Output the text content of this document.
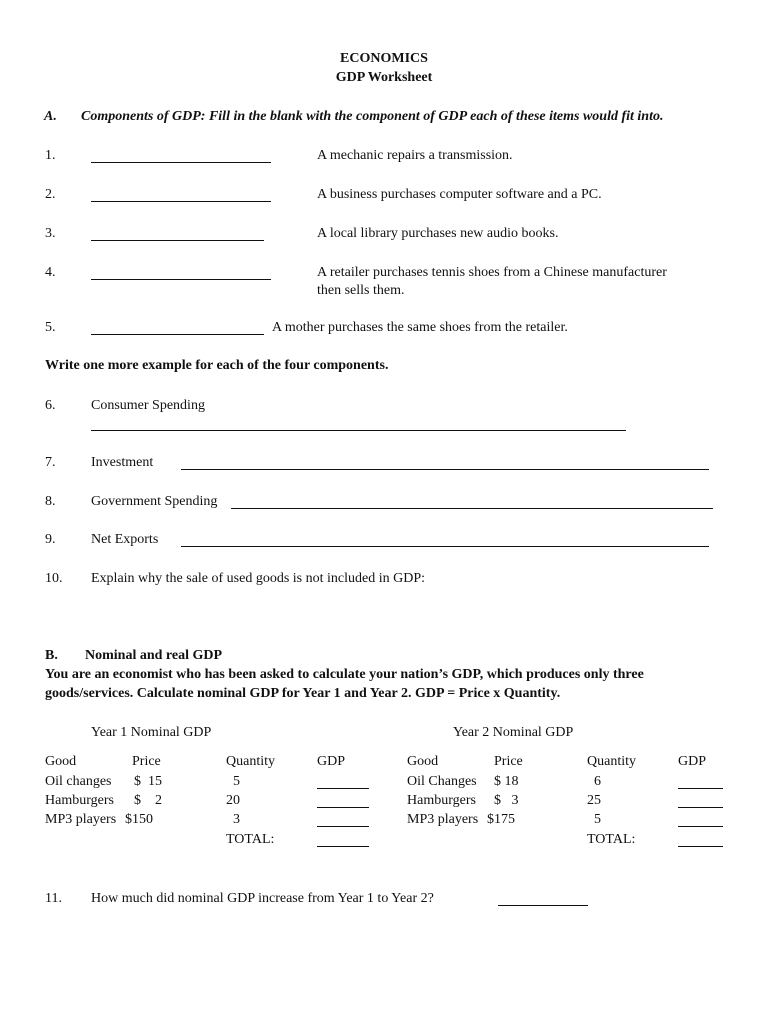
ECONOMICS
GDP Worksheet
A. Components of GDP: Fill in the blank with the component of GDP each of these items would fit into.
1.	A mechanic repairs a transmission.
2.	A business purchases computer software and a PC.
3.	A local library purchases new audio books.
4.	A retailer purchases tennis shoes from a Chinese manufacturer
then sells them.
5.	A mother purchases the same shoes from the retailer.
Write one more example for each of the four components.
6.	Consumer Spending
7.	Investment
8.	Government Spending
9.	Net Exports
10. Explain why the sale of used goods is not included in GDP:
B. Nominal and real GDP
You are an economist who has been asked to calculate your nation’s GDP, which produces only three
goods/services. Calculate nominal GDP for Year 1 and Year 2. GDP = Price x Quantity.
Year 1 Nominal GDP
Good	Price	Quantity	GDP
Oil changes $  15	5
Hamburgers $    2	20
MP3 players $150	3
TOTAL:
Year 2 Nominal GDP
Good	Price	Quantity	GDP
Oil Changes $ 18	6
Hamburgers $   3	25
MP3 players $175	5
TOTAL:
11. How much did nominal GDP increase from Year 1 to Year 2?
